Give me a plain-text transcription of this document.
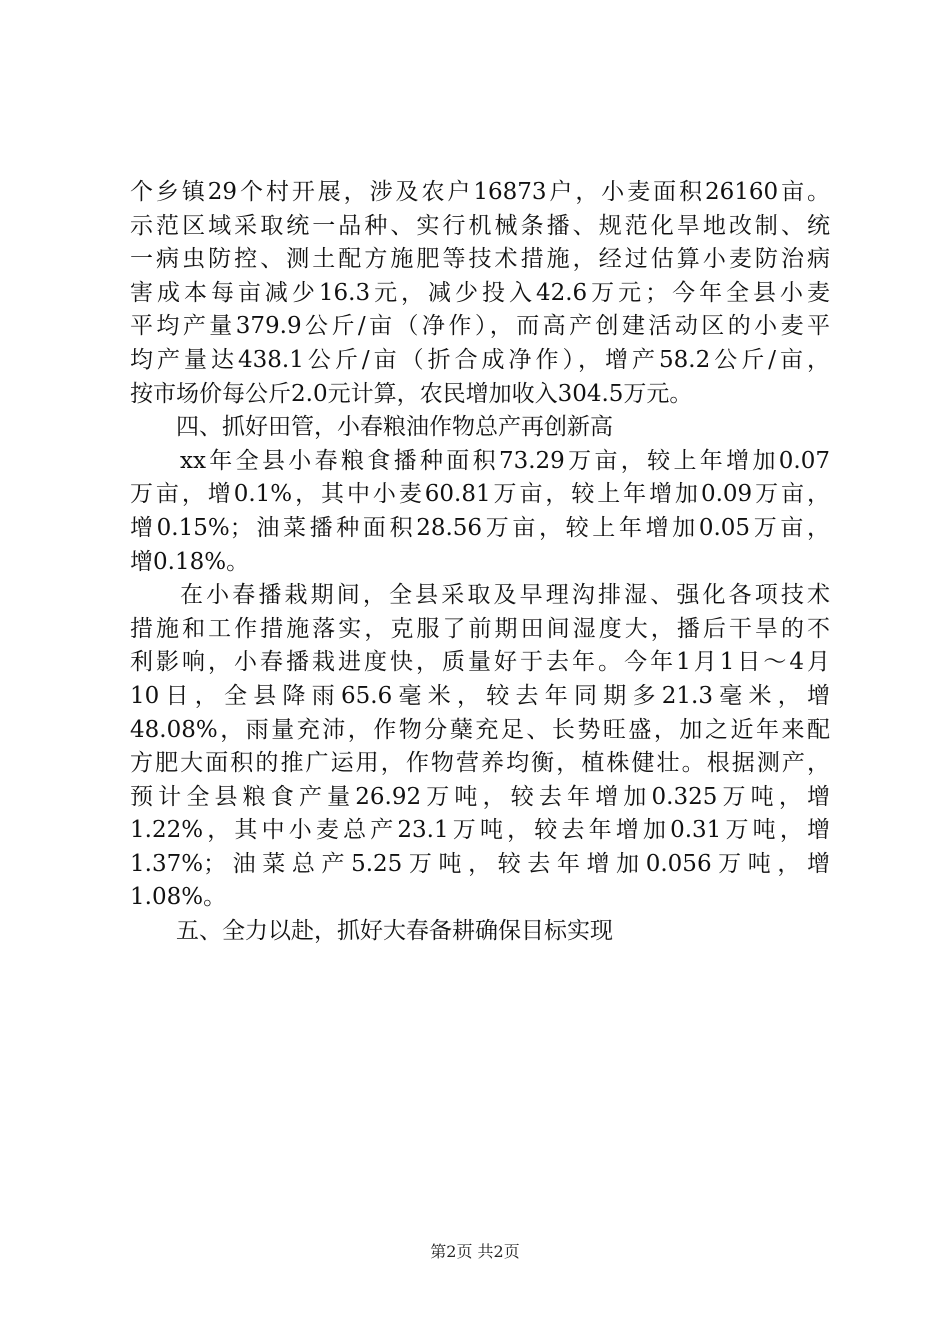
个乡镇29个村开展，涉及农户16873户，小麦面积26160亩。
示范区域采取统一品种、实行机械条播、规范化旱地改制、统
一病虫防控、测土配方施肥等技术措施，经过估算小麦防治病
害成本每亩减少16.3元，减少投入42.6万元；今年全县小麦
平均产量379.9公斤/亩（净作），而高产创建活动区的小麦平
均产量达438.1公斤/亩（折合成净作），增产58.2公斤/亩，
按市场价每公斤2.0元计算，农民增加收入304.5万元。
四、抓好田管，小春粮油作物总产再创新高
xx年全县小春粮食播种面积73.29万亩，较上年增加0.07
万亩，增0.1%，其中小麦60.81万亩，较上年增加0.09万亩，
增0.15%；油菜播种面积28.56万亩，较上年增加0.05万亩，
增0.18%。
在小春播栽期间，全县采取及早理沟排湿、强化各项技术
措施和工作措施落实，克服了前期田间湿度大，播后干旱的不
利影响，小春播栽进度快，质量好于去年。今年1月1日～4月
10日，全县降雨65.6毫米，较去年同期多21.3毫米，增
48.08%，雨量充沛，作物分蘖充足、长势旺盛，加之近年来配
方肥大面积的推广运用，作物营养均衡，植株健壮。根据测产，
预计全县粮食产量26.92万吨，较去年增加0.325万吨，增
1.22%，其中小麦总产23.1万吨，较去年增加0.31万吨，增
1.37%；油菜总产5.25万吨，较去年增加0.056万吨，增
1.08%。
五、全力以赴，抓好大春备耕确保目标实现
第2页 共2页
